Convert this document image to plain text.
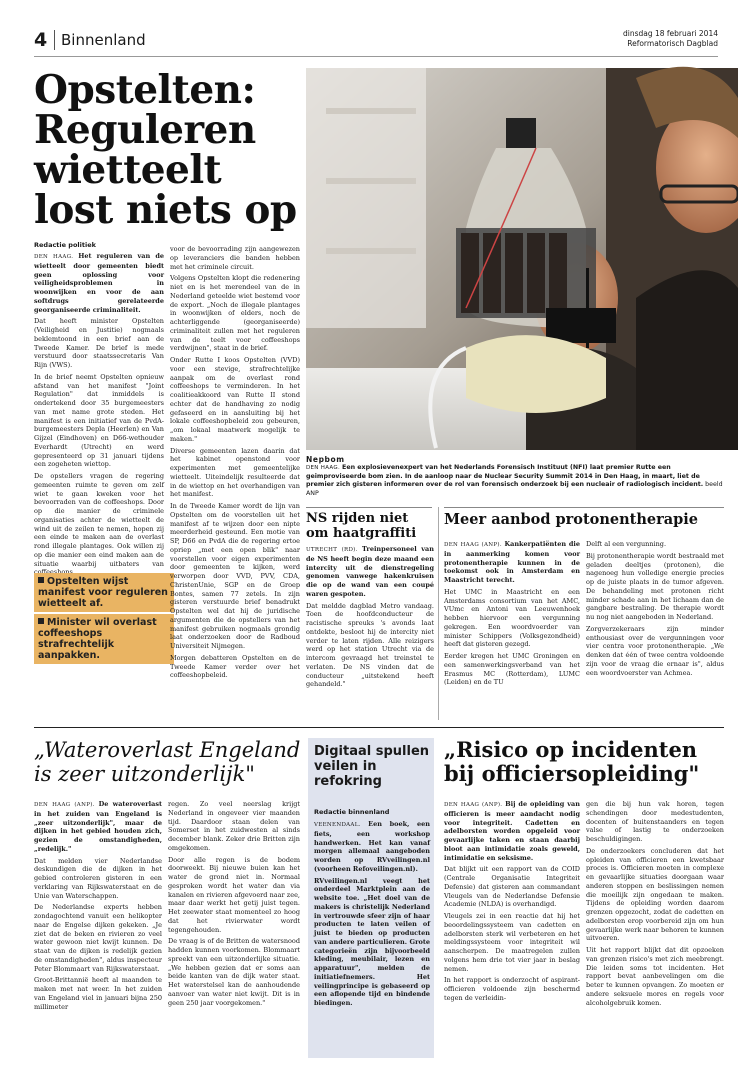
4 Binnenland	dinsdag 18 februari 2014
Reformatorisch Dagblad
Opstelten: Reguleren wietteelt lost niets op
Redactie politiek

DEN HAAG. Het reguleren van de wietteelt door gemeenten biedt geen oplossing voor veiligheidsproblemen in woonwijken en voor de aan softdrugs gerelateerde georganiseerde criminaliteit.

Dat heeft minister Opstelten (Veiligheid en Justitie) nogmaals beklemtoond in een brief aan de Tweede Kamer. De brief is mede verstuurd door staatssecretaris Van Rijn (VWS).

In de brief neemt Opstelten opnieuw afstand van het manifest "Joint Regulation" dat inmiddels is ondertekend door 35 burgemeesters van met name grote steden. Het manifest is een initiatief van de PvdA-burgemeesters Depla (Heerlen) en Van Gijzel (Eindhoven) en D66-wethouder Everhardt (Utrecht) en werd gepresenteerd op 31 januari tijdens een zogeheten wiettop.

De opstellers vragen de regering gemeenten ruimte te geven om zelf wiet te gaan kweken voor het bevoorraden van de coffeeshops. Door op die manier de criminele organisaties achter de wietteelt de wind uit de zeilen te nemen, hopen zij een einde te maken aan de overlast rond illegale plantages. Ook willen zij op die manier een eind maken aan de situatie waarbij uitbaters van

Opstelten wijst manifest voor reguleren wietteelt af.
Minister wil overlast coffeeshops strafrechtelijk aanpakken.

voor de bevoorrading zijn aangewezen op leveranciers die banden hebben met het criminele circuit.

Volgens Opstelten klopt die redenering niet en is het merendeel van de in Nederland geteelde wiet bestemd voor de export. „Noch de illegale plantages in woonwijken of elders, noch de achterliggende (georganiseerde) criminaliteit zullen met het reguleren van de teelt voor coffeeshops verdwijnen", staat in de brief.

Onder Rutte I koos Opstelten (VVD) voor een stevige, strafrechtelijke aanpak om de overlast rond coffeeshops te verminderen. In het coalitieakkoord van Rutte II stond echter dat de handhaving zo nodig gefaseerd en in aansluiting bij het lokale coffeeshopbeleid zou gebeuren, „om lokaal maatwerk mogelijk te maken."

Diverse gemeenten lazen daarin dat het kabinet openstond voor experimenten met gemeentelijke wietteelt. Uiteindelijk resulteerde dat in de wiettop en het overhandigen van het manifest.

In de Tweede Kamer wordt de lijn van Opstelten om de voorstellen uit het manifest af te wijzen door een nipte meerderheid gesteund. Een motie van SP, D66 en PvdA die de regering ertoe opriep „met een open blik" naar voorstellen voor eigen experimenten door gemeenten te kijken, werd verworpen door VVD, PVV, CDA, ChristenUnie, SGP en de Groep Bontes, samen 77 zetels. In zijn gisteren verstuurde brief benadrukt Opstelten wel dat hij de juridische argumenten die de opstellers van het manifest gebruiken nogmaals grondig laat onderzoeken door de Radboud Universiteit Nijmegen.

Morgen debatteren Opstelten en de Tweede Kamer verder over het coffeeshopbeleid.

Nepbom
DEN HAAG. Een explosievenexpert van het Nederlands Forensisch Instituut (NFI) laat premier Rutte een geimproviseerde bom zien. In de aanloop naar de Nuclear Security Summit 2014 in Den Haag, in maart, liet de premier zich gisteren informeren over de rol van forensisch onderzoek bij een nucleair of radiologisch incident. beeld ANP
NS rijden niet om haatgraffiti

UTRECHT (RD). Treinpersoneel van de NS heeft begin deze maand een intercity uit de dienstregeling genomen vanwege hakenkruisen die op de wand van een coupé waren gespoten.

Dat meldde dagblad Metro vandaag. Toen de hoofdconducteur de racistische spreuks 's avonds laat ontdekte, besloot hij de intercity niet verder te laten rijden. Alle reizigers werd op het station Utrecht via de intercom gevraagd het treinstel te verlaten. De NS vinden dat de conducteur „uitstekend heeft gehandeld."

Meer aanbod protonentherapie

DEN HAAG (ANP). Kankerpatiënten die in aanmerking komen voor protonentherapie kunnen in de toekomst ook in Amsterdam en Maastricht terecht.

Het UMC in Maastricht en een Amsterdams consortium van het AMC, VUmc en Antoni van Leeuwenhoek hebben hiervoor een vergunning gekregen. Een woordvoerder van minister Schippers (Volksgezondheid) heeft dat gisteren gezegd.

Eerder kregen het UMC Groningen en een samenwerkingsverband van het Erasmus MC (Rotterdam), LUMC (Leiden) en de TU

Delft al een vergunning.

Bij protonentherapie wordt bestraald met geladen deeltjes (protonen), die nagenoeg hun volledige energie precies op de juiste plaats in de tumor afgeven. De behandeling met protonen richt minder schade aan in het lichaam dan de gangbare bestraling. De therapie wordt nu nog niet aangeboden in Nederland.

Zorgverzekeraars zijn minder enthousiast over de vergunningen voor vier centra voor protonentherapie. „We denken dat één of twee centra voldoende zijn voor de vraag die ernaar is", aldus een woordvoerster van Achmea.

„Wateroverlast Engeland is zeer uitzonderlijk"

DEN HAAG (ANP). De wateroverlast in het zuiden van Engeland is „zeer uitzonderlijk", maar de dijken in het gebied houden zich, gezien de omstandigheden, „redelijk."

Dat melden vier Nederlandse deskundigen die de dijken in het gebied controleren gisteren in een verklaring van Rijkswaterstaat en de Unie van Waterschappen.

De Nederlandse experts hebben zondagochtend vanuit een helikopter naar de Engelse dijken gekeken. „Je ziet dat de beken en rivieren zo veel water gewoon niet kwijt kunnen. De staat van de dijken is redelijk gezien de omstandigheden", aldus inspecteur Peter Blommaart van Rijkswaterstaat.

Groot-Brittannië heeft al maanden te maken met nat weer. In het zuiden van Engeland viel in januari bijna 250 millimeter

regen. Zo veel neerslag krijgt Nederland in ongeveer vier maanden tijd. Daardoor staan delen van Somerset in het zuidwesten al sinds december blank. Zeker drie Britten zijn omgekomen.

Door alle regen is de bodem doorweekt. Bij nieuwe buien kan het water de grond niet in. Normaal gesproken wordt het water dan via kanalen en rivieren afgevoerd naar zee, maar daar werkt het getij juist tegen. Het zeewater staat momenteel zo hoog dat het rivierwater wordt tegengehouden.

De vraag is of de Britten de watersnood hadden kunnen voorkomen. Blommaart spreekt van een uitzonderlijke situatie. „We hebben gezien dat er soms aan beide kanten van de dijk water staat. Het waterstelsel kan de aanhoudende aanvoer van water niet kwijt. Dit is in geen 250 jaar voorgekomen."

Digitaal spullen veilen in refokring
Redactie binnenland

VEENENDAAL. Een boek, een fiets, een workshop handwerken. Het kan vanaf morgen allemaal aangeboden worden op RVveilingen.nl (voorheen Refoveilingen.nl).

RVveilingen.nl veegt het onderdeel Marktplein aan de website toe. „Het doel van de makers is christelijk Nederland in vertrouwde sfeer zijn of haar producten te laten veilen of juist te bieden op producten van andere particulieren. Grote categorieën zijn bijvoorbeeld kleding, meubilair, lezen en apparatuur", melden de initiatiefnemers. Het veilingprincipe is gebaseerd op een aflopende tijd en bindende biedingen.

„Risico op incidenten bij officiersopleiding"

DEN HAAG (ANP). Bij de opleiding van officieren is meer aandacht nodig voor integriteit. Cadetten en adelborsten worden opgeleid voor gevaarlijke taken en staan daarbij bloot aan intimidatie zoals geweld, intimidatie en seksisme.

Dat blijkt uit een rapport van de COID (Centrale Organisatie Integriteit Defensie) dat gisteren aan commandant Vleugels van de Nederlandse Defensie Academie (NLDA) is overhandigd.

Vleugels zei in een reactie dat hij het beoordelingssysteem van cadetten en adelborsten sterk wil verbeteren en het meldingssysteem voor integriteit wil aanscherpen. De maatregelen zullen volgens hem drie tot vier jaar in beslag nemen.

In het rapport is onderzocht of aspirant-officieren voldoende zijn beschermd tegen de verleidin-

gen die bij hun vak horen, tegen schendingen door medestudenten, docenten of buitenstaanders en tegen valse of lastig te onderzoeken beschuldigingen.

De onderzoekers concluderen dat het opleiden van officieren een kwetsbaar proces is. Officieren moeten in complexe en gevaarlijke situaties doorgaan waar anderen stoppen en beslissingen nemen die moeilijk zijn ongedaan te maken. Tijdens de opleiding worden daarom grenzen opgezocht, zodat de cadetten en adelborsten erop voorbereid zijn om hun gevaarlijke werk naar behoren te kunnen uitvoeren.

Uit het rapport blijkt dat dit opzoeken van grenzen risico's met zich meebrengt. Die leiden soms tot incidenten. Het rapport bevat aanbevelingen om die beter te kunnen opvangen. Zo moeten er andere seksuele mores en regels voor alcoholgebruik komen.
